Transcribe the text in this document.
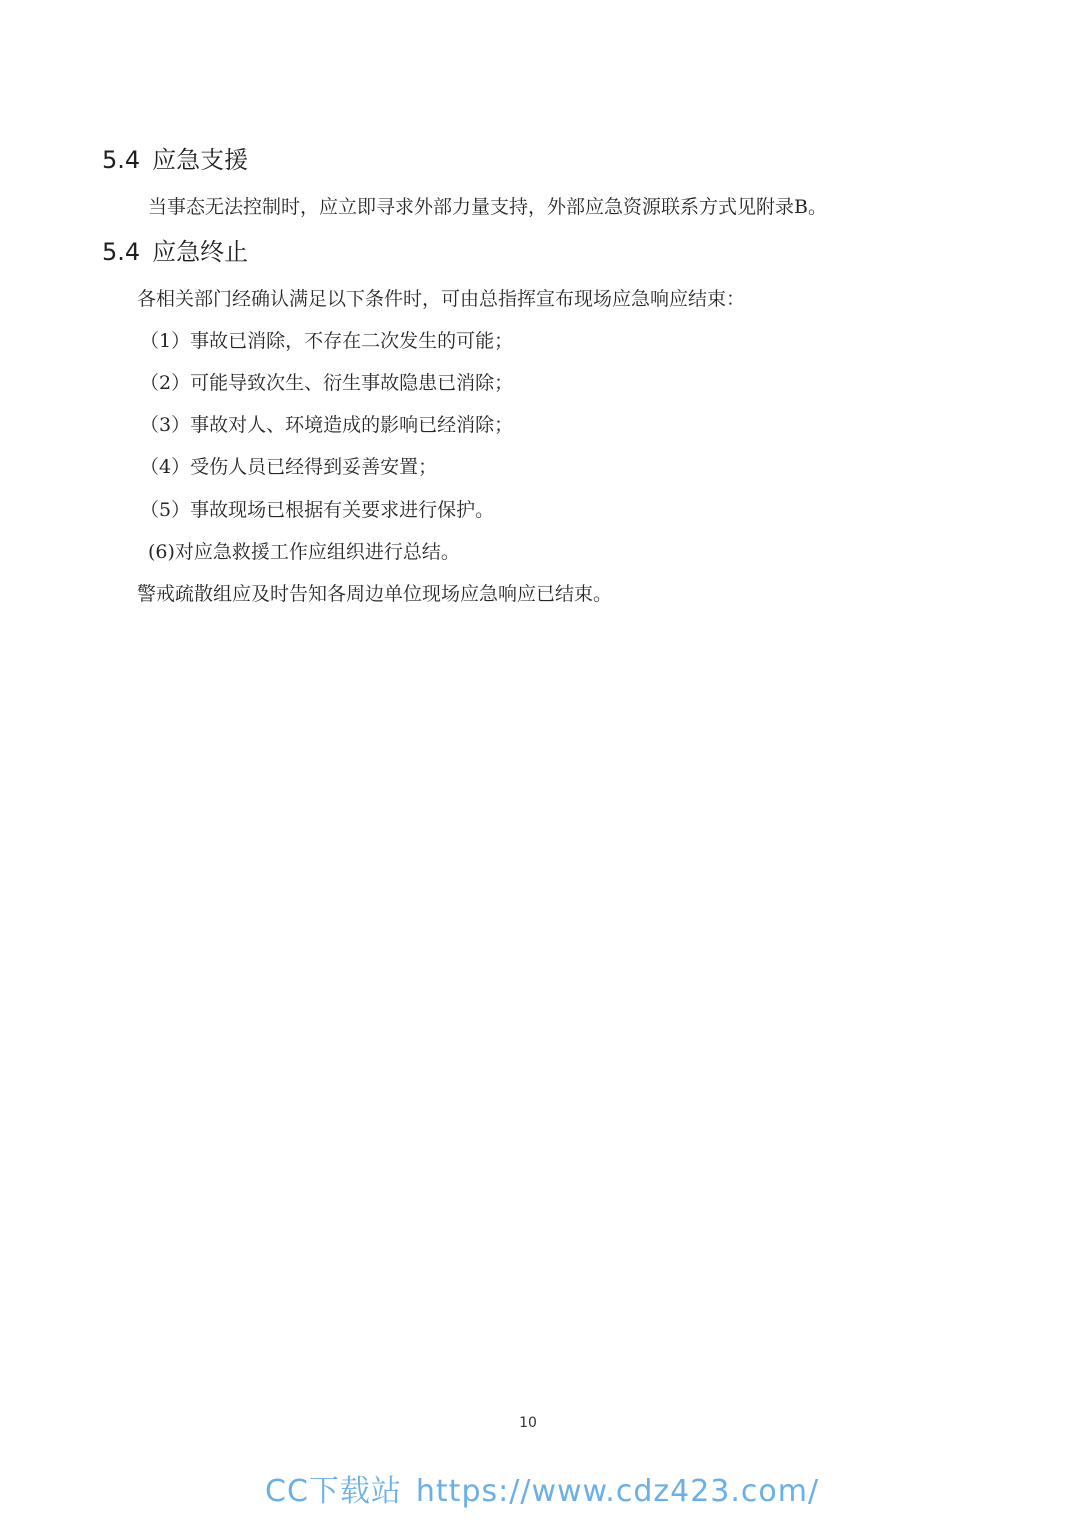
5.4 应急支援
当事态无法控制时，应立即寻求外部力量支持，外部应急资源联系方式见附录B。
5.4 应急终止
各相关部门经确认满足以下条件时，可由总指挥宣布现场应急响应结束：
（1）事故已消除，不存在二次发生的可能；
（2）可能导致次生、衍生事故隐患已消除；
（3）事故对人、环境造成的影响已经消除；
（4）受伤人员已经得到妥善安置；
（5）事故现场已根据有关要求进行保护。
(6)对应急救援工作应组织进行总结。
警戒疏散组应及时告知各周边单位现场应急响应已结束。
10
CC下载站 https://www.cdz423.com/
